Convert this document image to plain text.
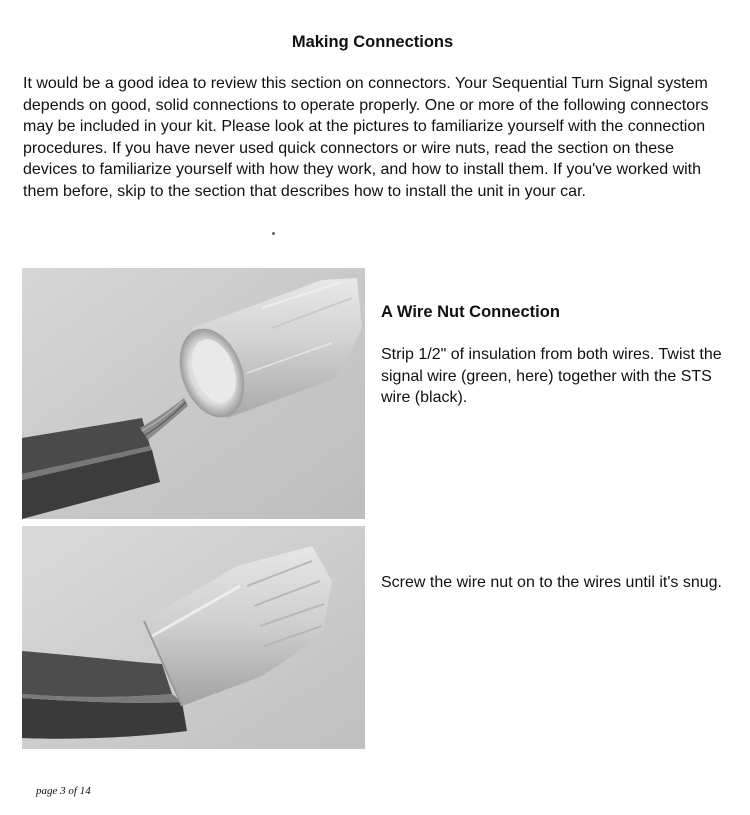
Making Connections

It would be a good idea to review this section on connectors. Your Sequential Turn Signal system depends on good, solid connections to operate properly. One or more of the following connectors may be included in your kit. Please look at the pictures to familiarize yourself with the connection procedures. If you have never used quick connectors or wire nuts, read the section on these devices to familiarize yourself with how they work, and how to install them. If you've worked with them before, skip to the section that describes how to install the unit in your car.

A Wire Nut Connection

Strip 1/2" of insulation from both wires. Twist the signal wire (green, here) together with the STS wire (black).

Screw the wire nut on to the wires until it's snug.

page 3 of 14
